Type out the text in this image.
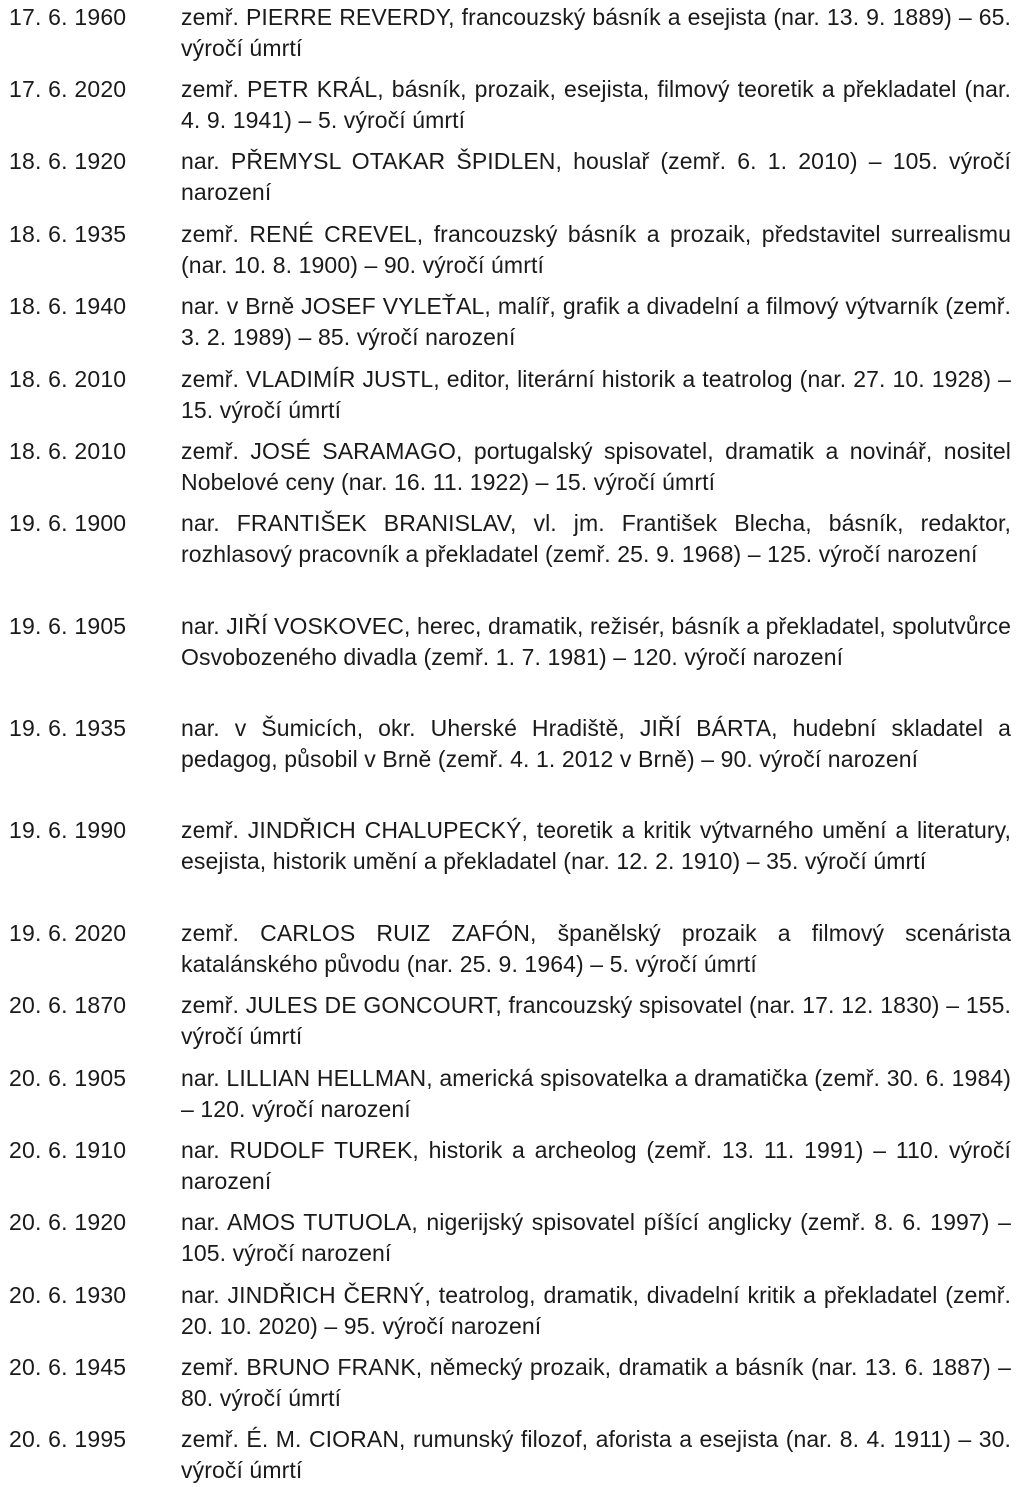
17. 6. 1960	zemř. PIERRE REVERDY, francouzský básník a esejista (nar. 13. 9. 1889) – 65. výročí úmrtí
17. 6. 2020	zemř. PETR KRÁL, básník, prozaik, esejista, filmový teoretik a překladatel (nar. 4. 9. 1941) – 5. výročí úmrtí
18. 6. 1920	nar. PŘEMYSL OTAKAR ŠPIDLEN, houslař (zemř. 6. 1. 2010) – 105. výročí narození
18. 6. 1935	zemř. RENÉ CREVEL, francouzský básník a prozaik, představitel surrealismu (nar. 10. 8. 1900) – 90. výročí úmrtí
18. 6. 1940	nar. v Brně JOSEF VYLEŤAL, malíř, grafik a divadelní a filmový výtvarník (zemř. 3. 2. 1989) – 85. výročí narození
18. 6. 2010	zemř. VLADIMÍR JUSTL, editor, literární historik a teatrolog (nar. 27. 10. 1928) – 15. výročí úmrtí
18. 6. 2010	zemř. JOSÉ SARAMAGO, portugalský spisovatel, dramatik a novinář, nositel Nobelové ceny (nar. 16. 11. 1922) – 15. výročí úmrtí
19. 6. 1900	nar. FRANTIŠEK BRANISLAV, vl. jm. František Blecha, básník, redaktor, rozhlasový pracovník a překladatel (zemř. 25. 9. 1968) – 125. výročí narození
19. 6. 1905	nar. JIŘÍ VOSKOVEC, herec, dramatik, režisér, básník a překladatel, spolutvůrce Osvobozeného divadla (zemř. 1. 7. 1981) – 120. výročí narození
19. 6. 1935	nar. v Šumicích, okr. Uherské Hradiště, JIŘÍ BÁRTA, hudební skladatel a pedagog, působil v Brně (zemř. 4. 1. 2012 v Brně) – 90. výročí narození
19. 6. 1990	zemř. JINDŘICH CHALUPECKÝ, teoretik a kritik výtvarného umění a literatury, esejista, historik umění a překladatel (nar. 12. 2. 1910) – 35. výročí úmrtí
19. 6. 2020	zemř. CARLOS RUIZ ZAFÓN, španělský prozaik a filmový scenárista katalánského původu (nar. 25. 9. 1964) – 5. výročí úmrtí
20. 6. 1870	zemř. JULES DE GONCOURT, francouzský spisovatel (nar. 17. 12. 1830) – 155. výročí úmrtí
20. 6. 1905	nar. LILLIAN HELLMAN, americká spisovatelka a dramatička (zemř. 30. 6. 1984) – 120. výročí narození
20. 6. 1910	nar. RUDOLF TUREK, historik a archeolog (zemř. 13. 11. 1991) – 110. výročí narození
20. 6. 1920	nar. AMOS TUTUOLA, nigerijský spisovatel píšící anglicky (zemř. 8. 6. 1997) – 105. výročí narození
20. 6. 1930	nar. JINDŘICH ČERNÝ, teatrolog, dramatik, divadelní kritik a překladatel (zemř. 20. 10. 2020) – 95. výročí narození
20. 6. 1945	zemř. BRUNO FRANK, německý prozaik, dramatik a básník (nar. 13. 6. 1887) – 80. výročí úmrtí
20. 6. 1995	zemř. É. M. CIORAN, rumunský filozof, aforista a esejista (nar. 8. 4. 1911) – 30. výročí úmrtí
